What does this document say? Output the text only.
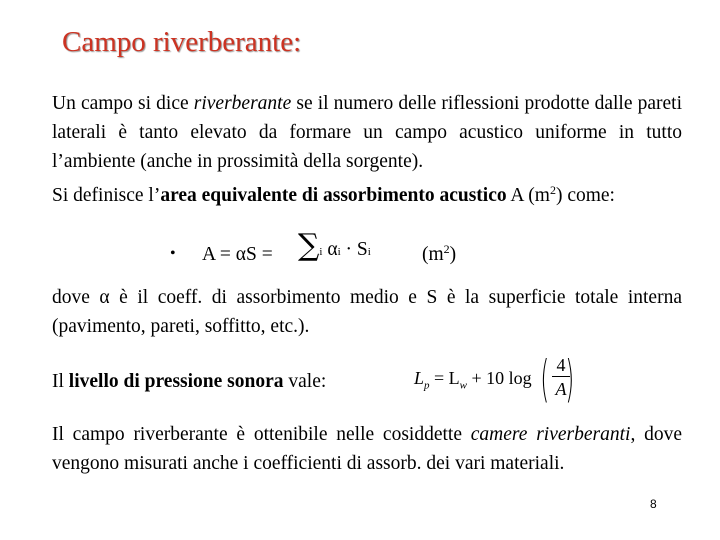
Campo riverberante:
Un campo si dice riverberante se il numero delle riflessioni prodotte dalle pareti laterali è tanto elevato da formare un campo acustico uniforme in tutto l’ambiente (anche in prossimità della sorgente).
Si definisce l’area equivalente di assorbimento acustico A $(m^2)$ come:
• A = αS = ∑i αi · Si	$(m^2)$
dove α è il coeff. di assorbimento medio e S è la superficie totale interna (pavimento, pareti, soffitto, etc.).
Il livello di pressione sonora vale:	$L_p = L_w + 10$ log ( $\frac{4}{A}$
)
Il campo riverberante è ottenibile nelle cosiddette camere riverberanti, dove vengono misurati anche i coefficienti di assorb. dei vari materiali.
8
